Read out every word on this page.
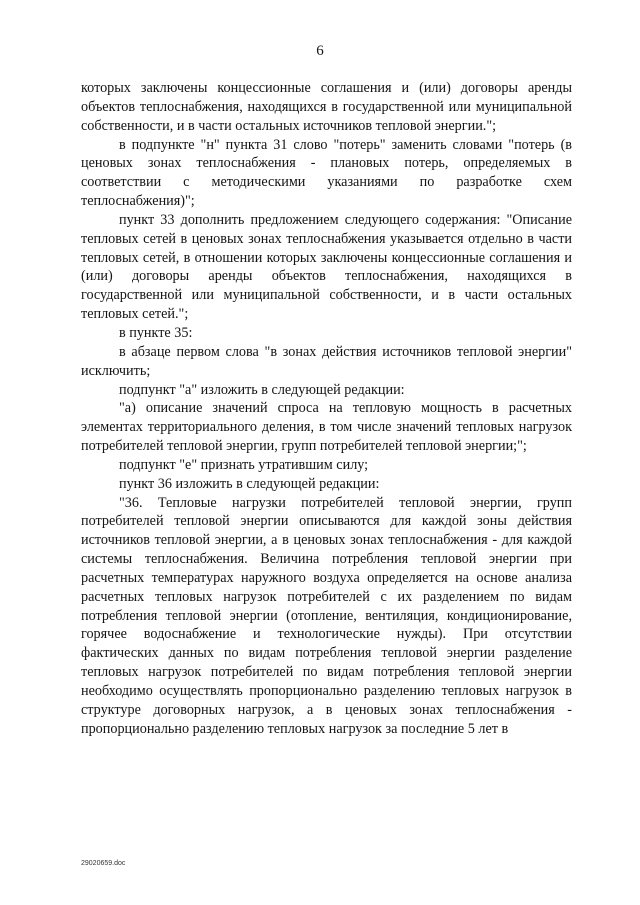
6

которых заключены концессионные соглашения и (или) договоры аренды объектов теплоснабжения, находящихся в государственной или муниципальной собственности, и в части остальных источников тепловой энергии.";

в подпункте "н" пункта 31 слово "потерь" заменить словами "потерь (в ценовых зонах теплоснабжения - плановых потерь, определяемых в соответствии с методическими указаниями по разработке схем теплоснабжения)";

пункт 33 дополнить предложением следующего содержания: "Описание тепловых сетей в ценовых зонах теплоснабжения указывается отдельно в части тепловых сетей, в отношении которых заключены концессионные соглашения и (или) договоры аренды объектов теплоснабжения, находящихся в государственной или муниципальной собственности, и в части остальных тепловых сетей.";

в пункте 35:

в абзаце первом слова "в зонах действия источников тепловой энергии" исключить;

подпункт "а" изложить в следующей редакции:

"а) описание значений спроса на тепловую мощность в расчетных элементах территориального деления, в том числе значений тепловых нагрузок потребителей тепловой энергии, групп потребителей тепловой энергии;";

подпункт "е" признать утратившим силу;

пункт 36 изложить в следующей редакции:

"36. Тепловые нагрузки потребителей тепловой энергии, групп потребителей тепловой энергии описываются для каждой зоны действия источников тепловой энергии, а в ценовых зонах теплоснабжения - для каждой системы теплоснабжения. Величина потребления тепловой энергии при расчетных температурах наружного воздуха определяется на основе анализа расчетных тепловых нагрузок потребителей с их разделением по видам потребления тепловой энергии (отопление, вентиляция, кондиционирование, горячее водоснабжение и технологические нужды). При отсутствии фактических данных по видам потребления тепловой энергии разделение тепловых нагрузок потребителей по видам потребления тепловой энергии необходимо осуществлять пропорционально разделению тепловых нагрузок в структуре договорных нагрузок, а в ценовых зонах теплоснабжения - пропорционально разделению тепловых нагрузок за последние 5 лет в

29020659.doc
